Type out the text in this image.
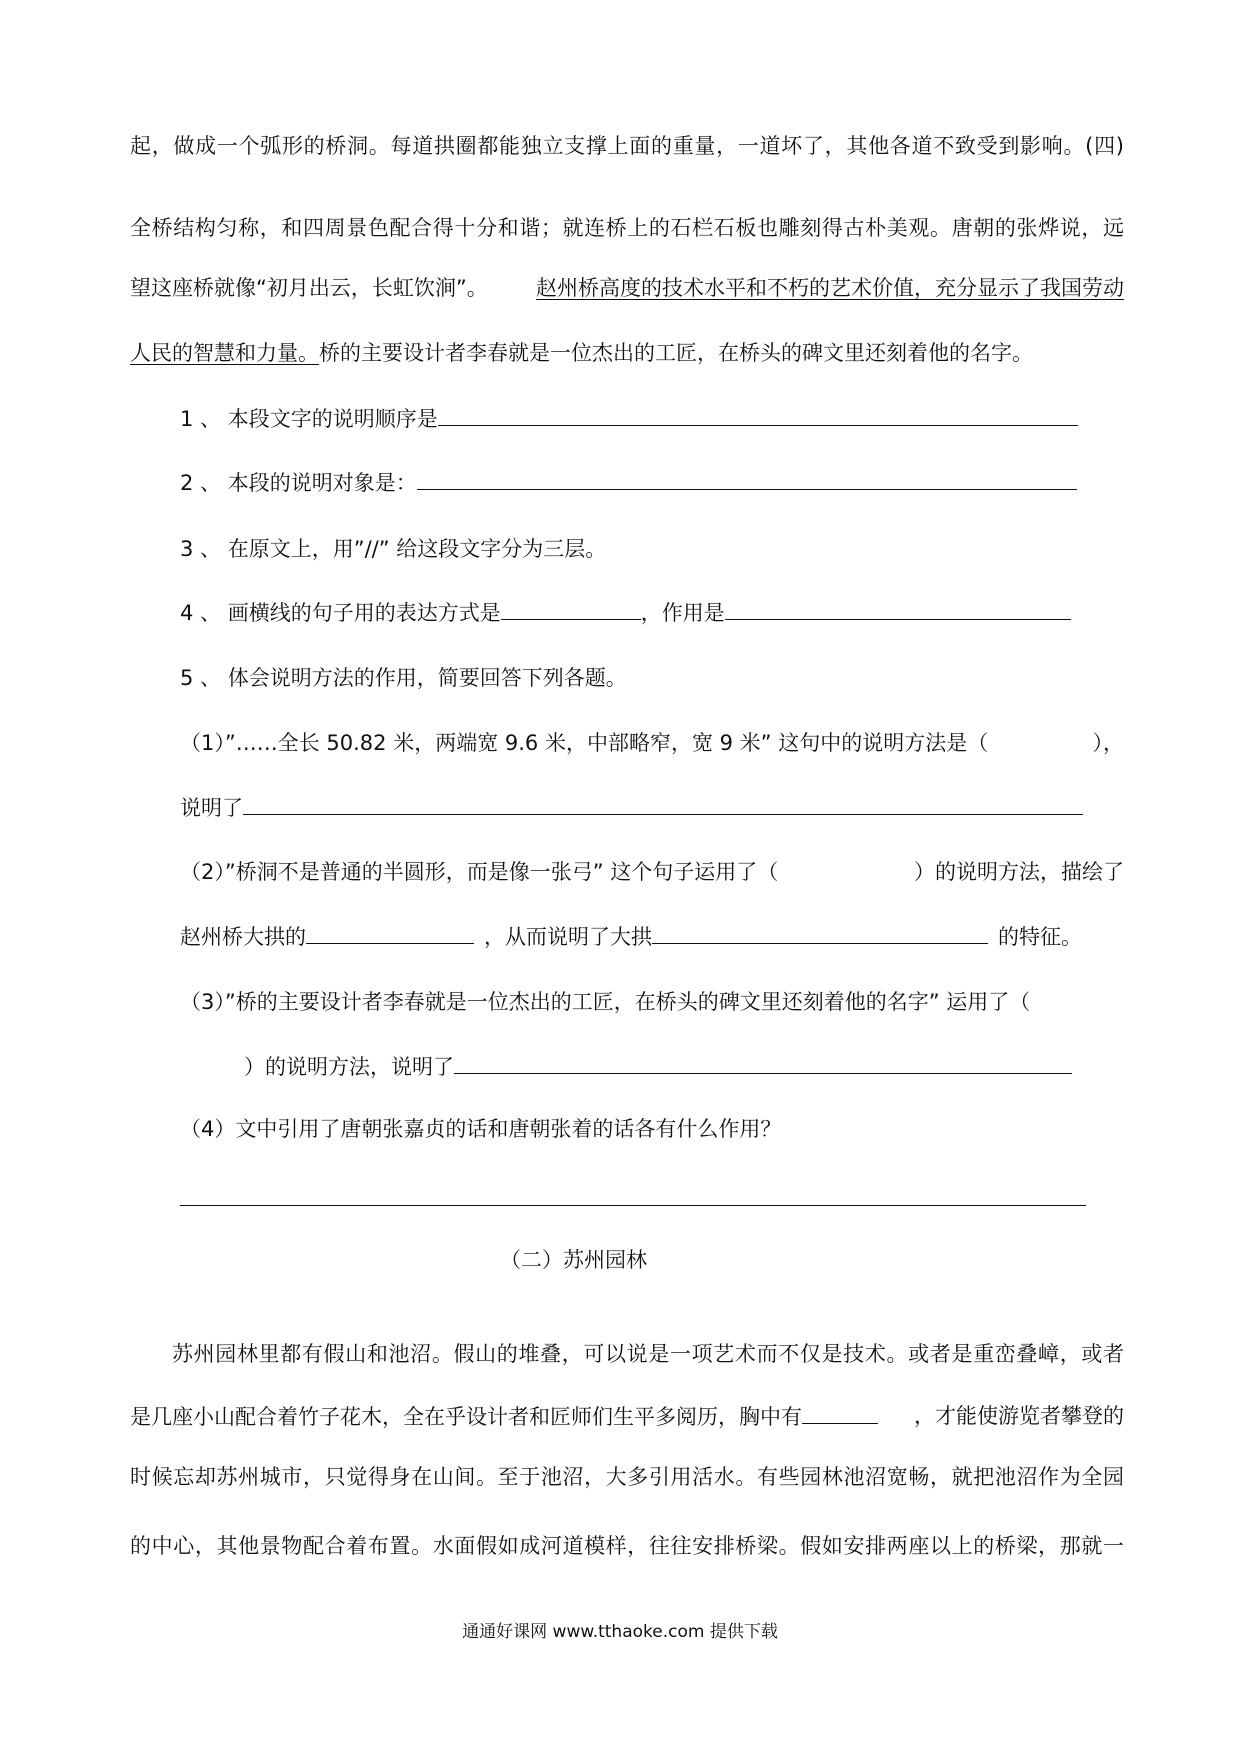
起，做成一个弧形的桥洞。每道拱圈都能独立支撑上面的重量，一道坏了，其他各道不致受到影响。(四)
全桥结构匀称，和四周景色配合得十分和谐；就连桥上的石栏石板也雕刻得古朴美观。唐朝的张烨说，远
望这座桥就像“初月出云，长虹饮涧”。 赵州桥高度的技术水平和不朽的艺术价值，充分显示了我国劳动
人民的智慧和力量。桥的主要设计者李春就是一位杰出的工匠，在桥头的碑文里还刻着他的名字。
1 、 本段文字的说明顺序是
2 、 本段的说明对象是：
3 、 在原文上，用”//” 给这段文字分为三层。
4 、 画横线的句子用的表达方式是	，作用是
5 、 体会说明方法的作用，简要回答下列各题。
（1）”……全长 50.82 米，两端宽 9.6 米，中部略窄，宽 9 米” 这句中的说明方法是（	），
说明了
（2）”桥洞不是普通的半圆形，而是像一张弓” 这个句子运用了（	）的说明方法，描绘了
赵州桥大拱的	，从而说明了大拱	的特征。
（3）”桥的主要设计者李春就是一位杰出的工匠，在桥头的碑文里还刻着他的名字” 运用了（
）的说明方法，说明了
（4）文中引用了唐朝张嘉贞的话和唐朝张着的话各有什么作用？
（二）苏州园林
苏州园林里都有假山和池沼。假山的堆叠，可以说是一项艺术而不仅是技术。或者是重峦叠嶂，或者
是几座小山配合着竹子花木，全在乎设计者和匠师们生平多阅历，胸中有	，才能使游览者攀登的
时候忘却苏州城市，只觉得身在山间。至于池沼，大多引用活水。有些园林池沼宽畅，就把池沼作为全园
的中心，其他景物配合着布置。水面假如成河道模样，往往安排桥梁。假如安排两座以上的桥梁，那就一
通通好课网 www.tthaoke.com 提供下载
